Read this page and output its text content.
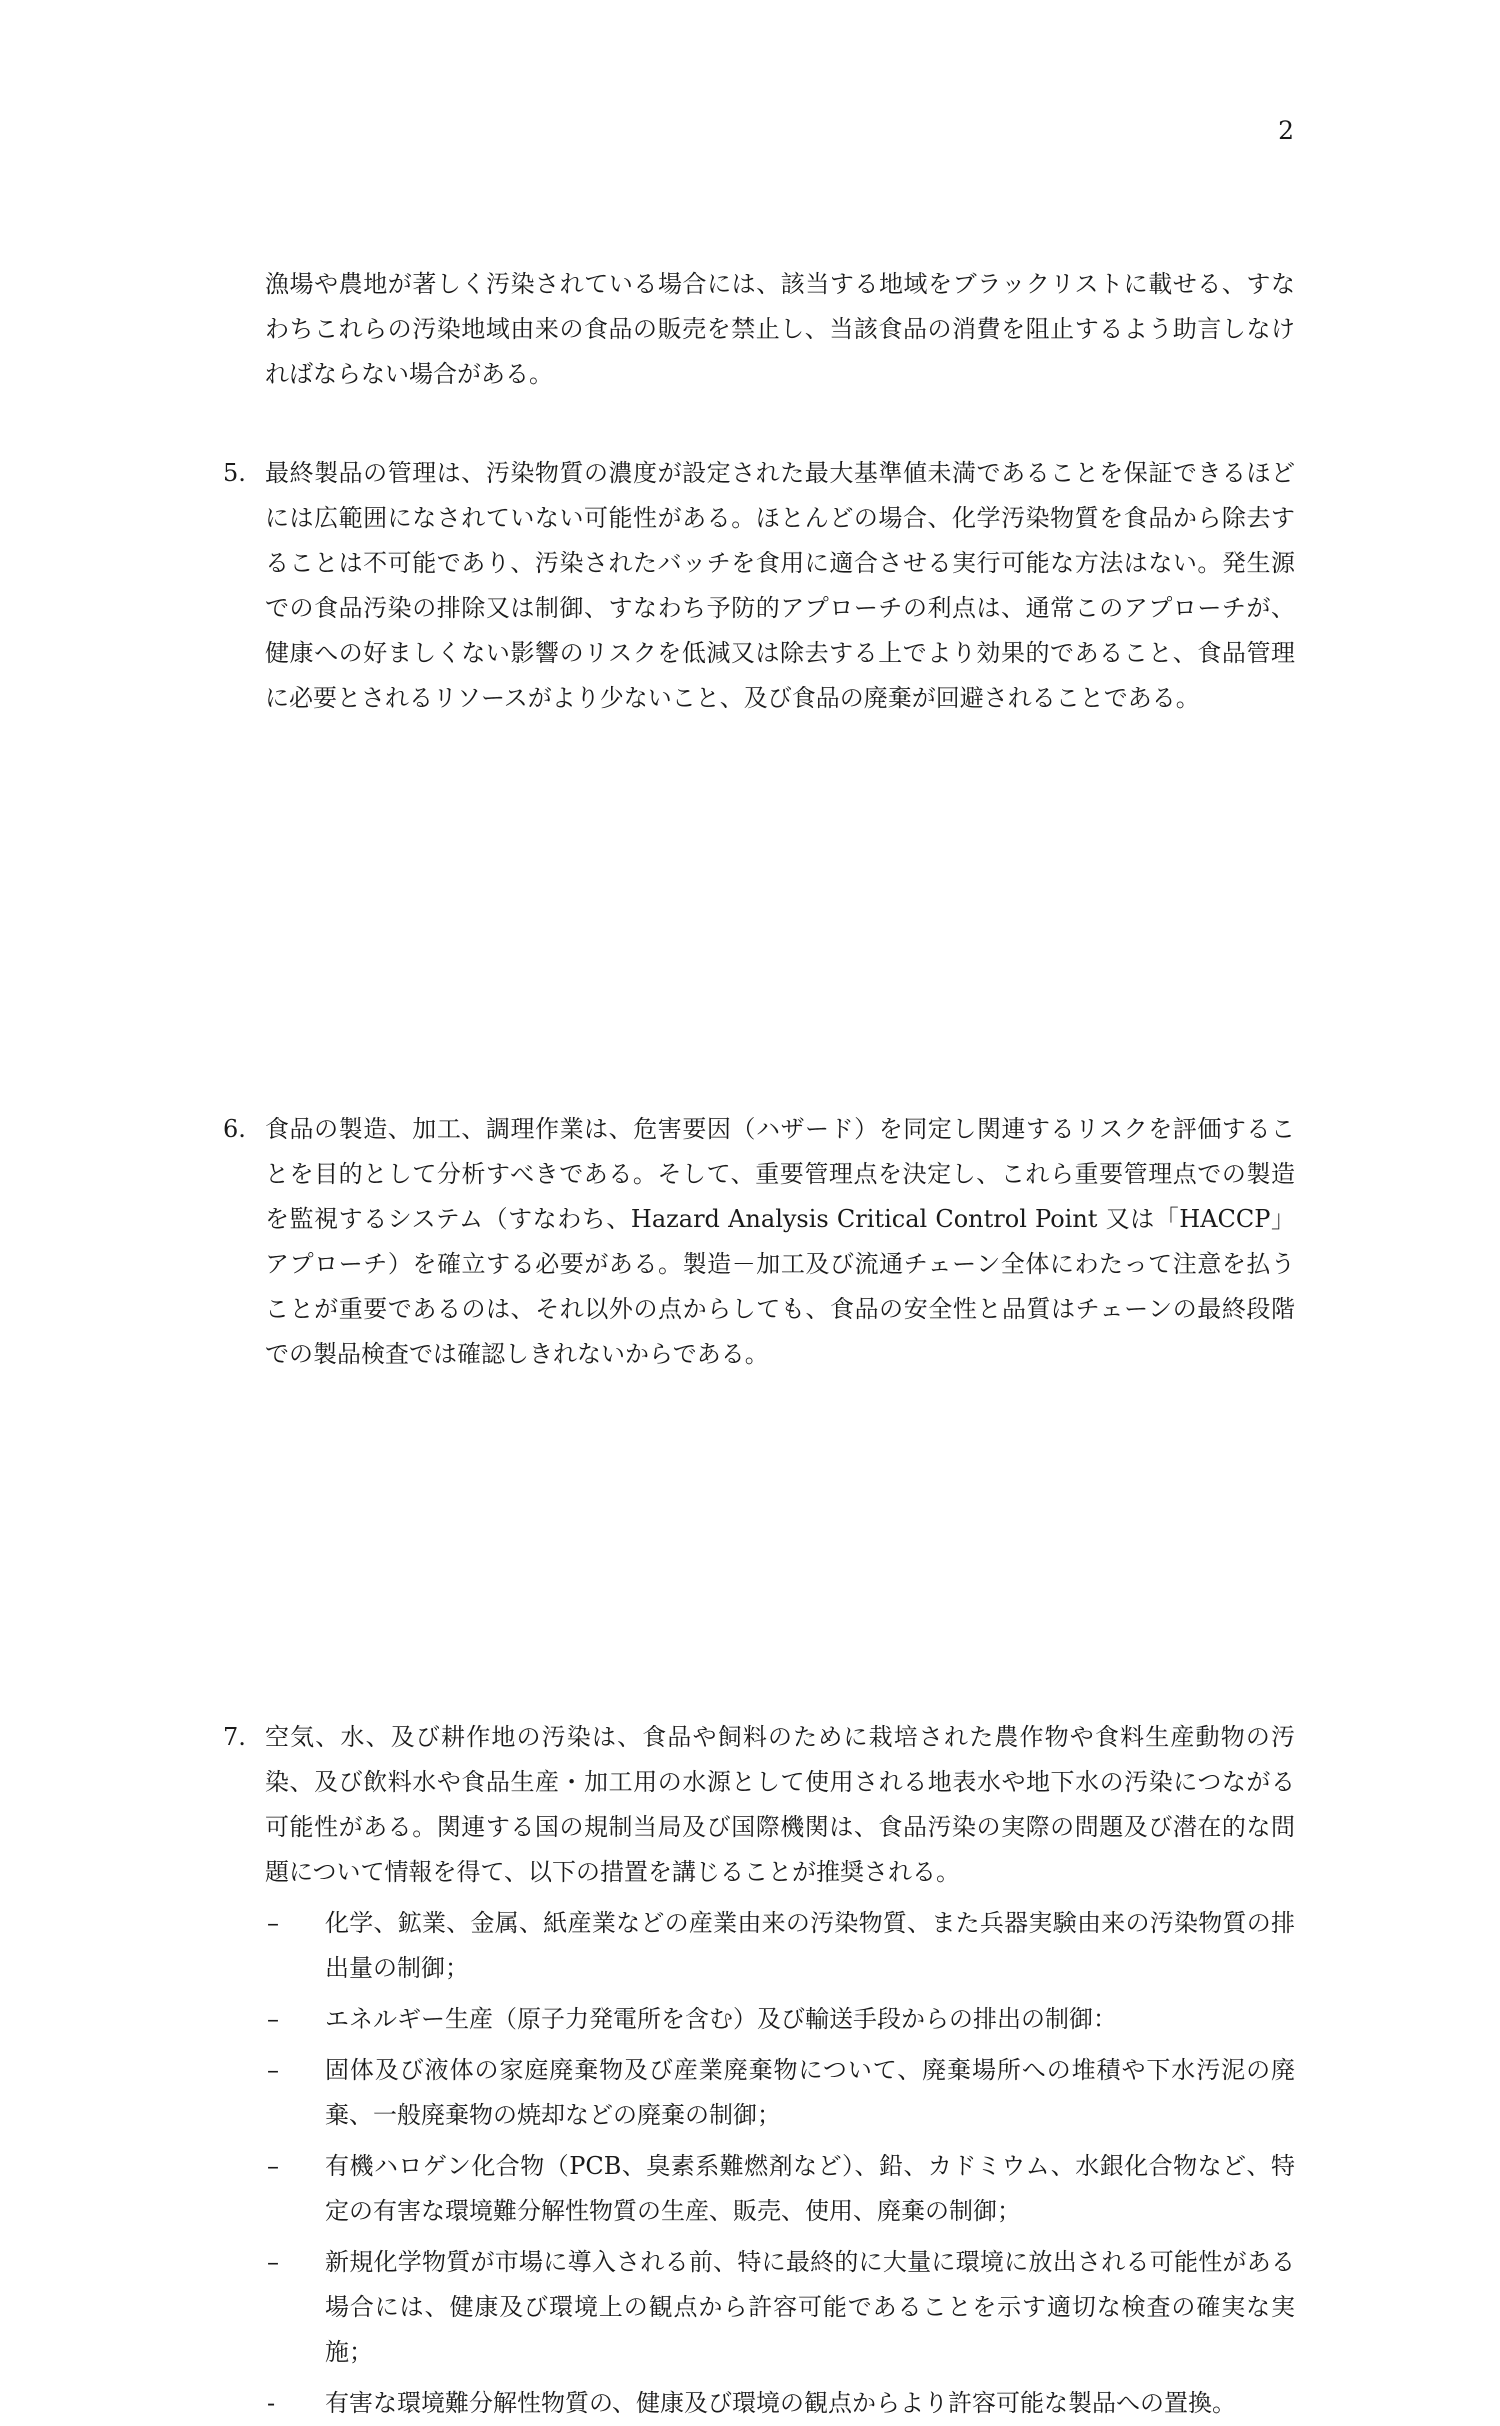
2
漁場や農地が著しく汚染されている場合には、該当する地域をブラックリストに載せる、すなわちこれらの汚染地域由来の食品の販売を禁止し、当該食品の消費を阻止するよう助言しなければならない場合がある。
5. 最終製品の管理は、汚染物質の濃度が設定された最大基準値未満であることを保証できるほどには広範囲になされていない可能性がある。ほとんどの場合、化学汚染物質を食品から除去することは不可能であり、汚染されたバッチを食用に適合させる実行可能な方法はない。発生源での食品汚染の排除又は制御、すなわち予防的アプローチの利点は、通常このアプローチが、健康への好ましくない影響のリスクを低減又は除去する上でより効果的であること、食品管理に必要とされるリソースがより少ないこと、及び食品の廃棄が回避されることである。
6. 食品の製造、加工、調理作業は、危害要因（ハザード）を同定し関連するリスクを評価することを目的として分析すべきである。そして、重要管理点を決定し、これら重要管理点での製造を監視するシステム（すなわち、Hazard Analysis Critical Control Point 又は「HACCP」アプローチ）を確立する必要がある。製造－加工及び流通チェーン全体にわたって注意を払うことが重要であるのは、それ以外の点からしても、食品の安全性と品質はチェーンの最終段階での製品検査では確認しきれないからである。
7. 空気、水、及び耕作地の汚染は、食品や飼料のために栽培された農作物や食料生産動物の汚染、及び飲料水や食品生産・加工用の水源として使用される地表水や地下水の汚染につながる可能性がある。関連する国の規制当局及び国際機関は、食品汚染の実際の問題及び潜在的な問題について情報を得て、以下の措置を講じることが推奨される。
– 化学、鉱業、金属、紙産業などの産業由来の汚染物質、また兵器実験由来の汚染物質の排出量の制御；
– エネルギー生産（原子力発電所を含む）及び輸送手段からの排出の制御：
– 固体及び液体の家庭廃棄物及び産業廃棄物について、廃棄場所への堆積や下水汚泥の廃棄、一般廃棄物の焼却などの廃棄の制御；
– 有機ハロゲン化合物（PCB、臭素系難燃剤など）、鉛、カドミウム、水銀化合物など、特定の有害な環境難分解性物質の生産、販売、使用、廃棄の制御；
– 新規化学物質が市場に導入される前、特に最終的に大量に環境に放出される可能性がある場合には、健康及び環境上の観点から許容可能であることを示す適切な検査の確実な実施；
- 有害な環境難分解性物質の、健康及び環境の観点からより許容可能な製品への置換。
